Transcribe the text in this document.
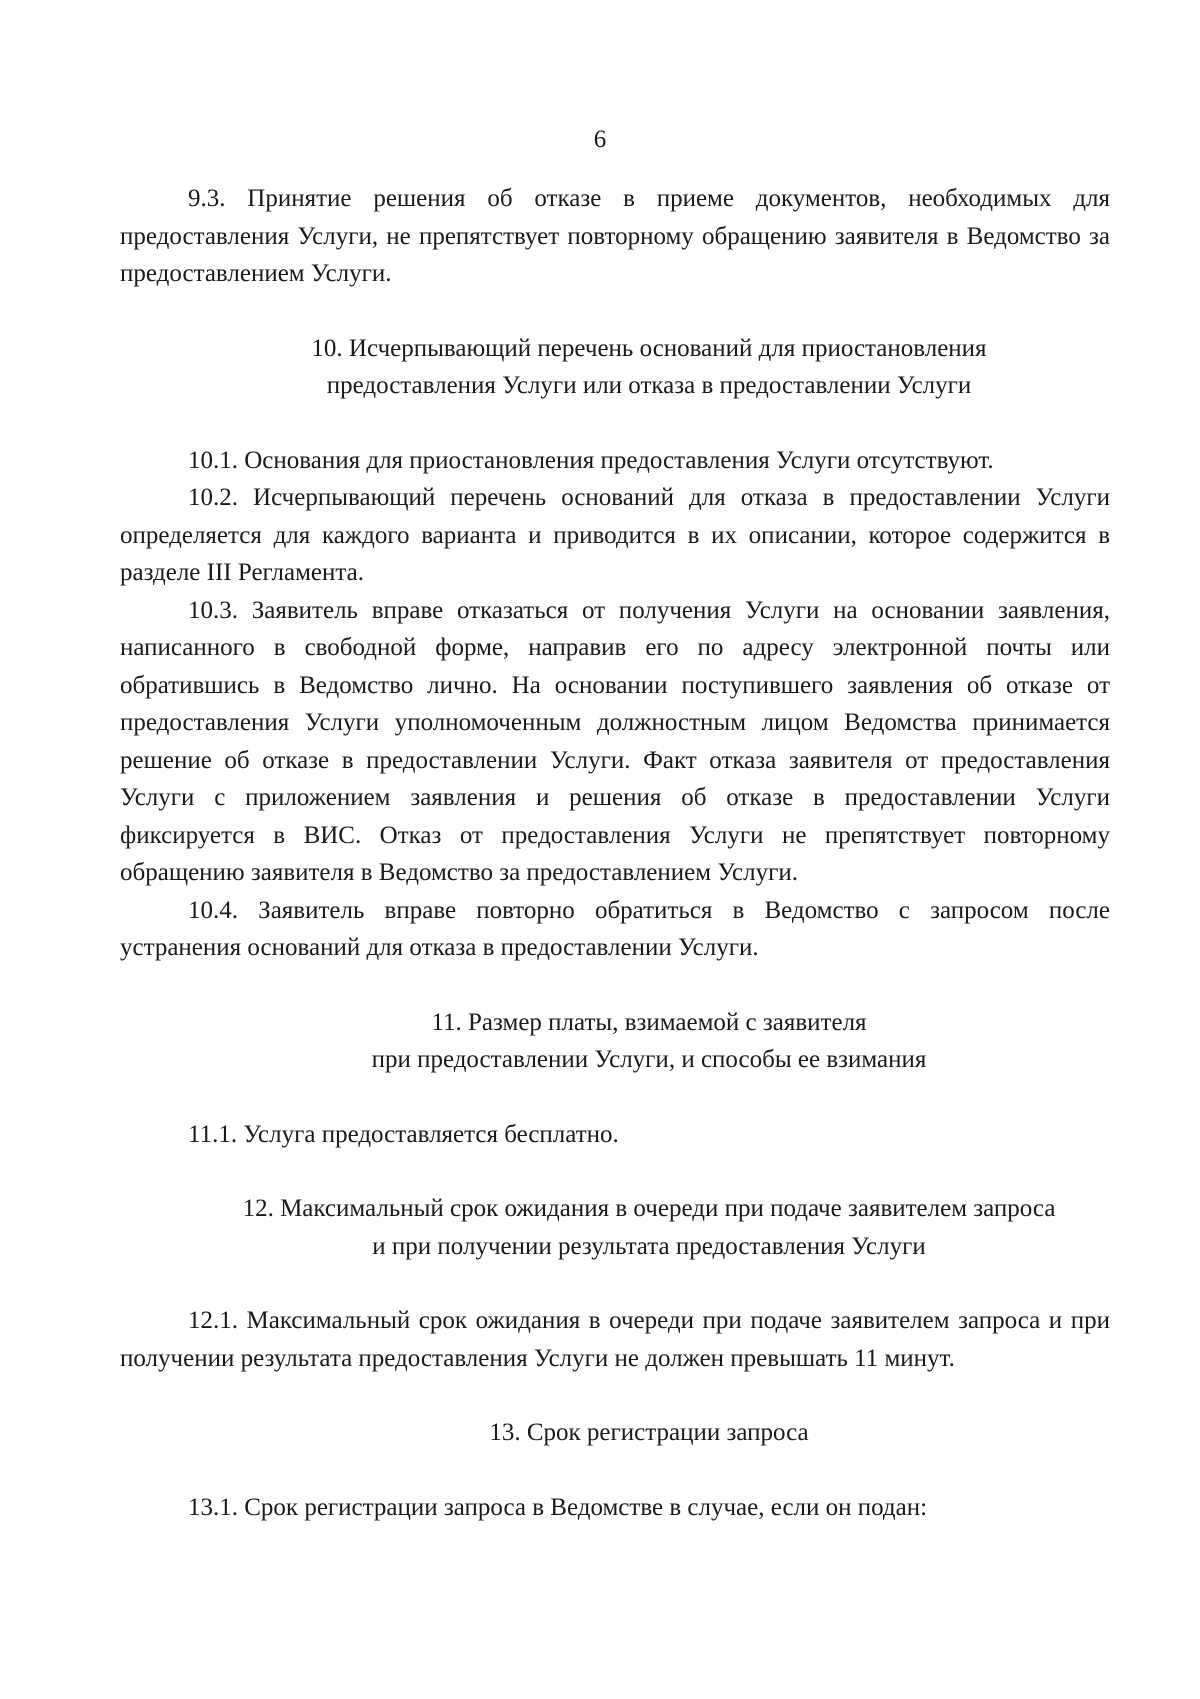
6

9.3. Принятие решения об отказе в приеме документов, необходимых для предоставления Услуги, не препятствует повторному обращению заявителя в Ведомство за предоставлением Услуги.

10. Исчерпывающий перечень оснований для приостановления

предоставления Услуги или отказа в предоставлении Услуги

10.1. Основания для приостановления предоставления Услуги отсутствуют.

10.2. Исчерпывающий перечень оснований для отказа в предоставлении Услуги определяется для каждого варианта и приводится в их описании, которое содержится в разделе III Регламента.

10.3. Заявитель вправе отказаться от получения Услуги на основании заявления, написанного в свободной форме, направив его по адресу электронной почты или обратившись в Ведомство лично. На основании поступившего заявления об отказе от предоставления Услуги уполномоченным должностным лицом Ведомства принимается решение об отказе в предоставлении Услуги. Факт отказа заявителя от предоставления Услуги с приложением заявления и решения об отказе в предоставлении Услуги фиксируется в ВИС. Отказ от предоставления Услуги не препятствует повторному обращению заявителя в Ведомство за предоставлением Услуги.

10.4. Заявитель вправе повторно обратиться в Ведомство с запросом после устранения оснований для отказа в предоставлении Услуги.

11. Размер платы, взимаемой с заявителя

при предоставлении Услуги, и способы ее взимания

11.1. Услуга предоставляется бесплатно.

12. Максимальный срок ожидания в очереди при подаче заявителем запроса

и при получении результата предоставления Услуги

12.1. Максимальный срок ожидания в очереди при подаче заявителем запроса и при получении результата предоставления Услуги не должен превышать 11 минут.

13. Срок регистрации запроса

13.1. Срок регистрации запроса в Ведомстве в случае, если он подан:
